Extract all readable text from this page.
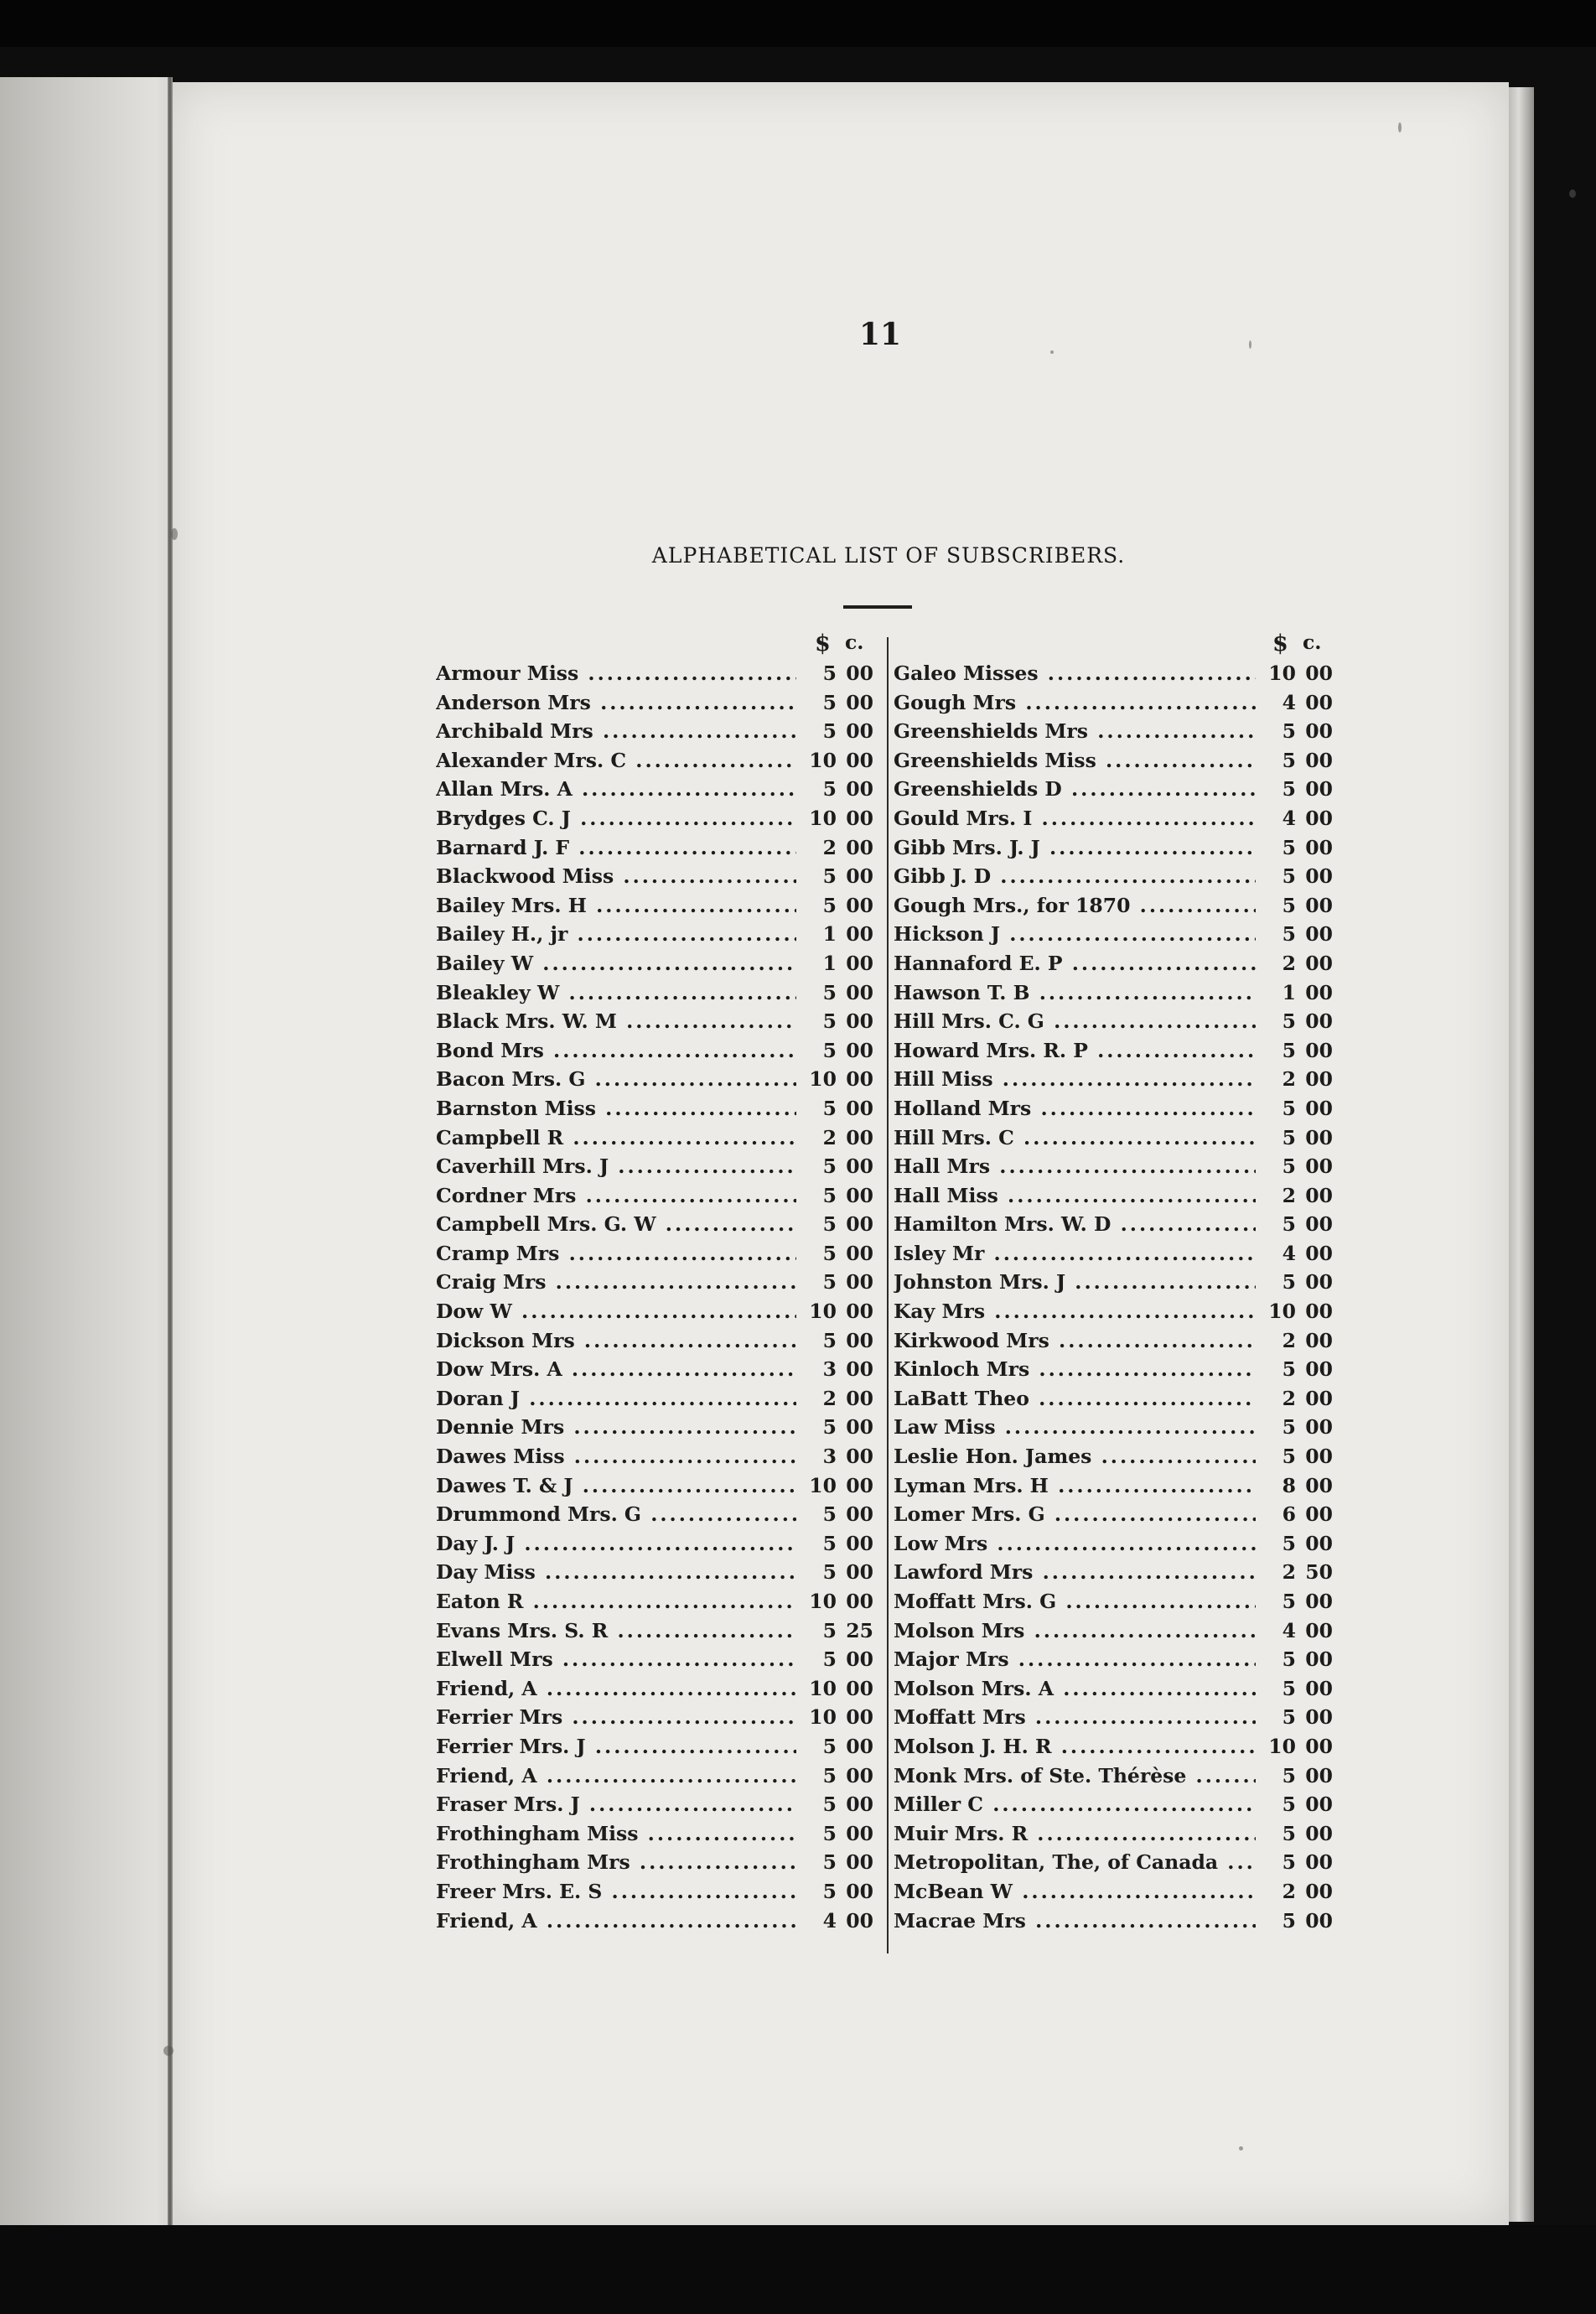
11
ALPHABETICAL LIST OF SUBSCRIBERS.
$ c.
Armour Miss .....	5 00
Anderson Mrs .....	5 00
Archibald Mrs .....	5 00
Alexander Mrs. C .....	10 00
Allan Mrs. A .....	5 00
Brydges C. J .....	10 00
Barnard J. F .....	2 00
Blackwood Miss .....	5 00
Bailey Mrs. H .....	5 00
Bailey H., jr .....	1 00
Bailey W .....	1 00
Bleakley W .....	5 00
Black Mrs. W. M .....	5 00
Bond Mrs .....	5 00
Bacon Mrs. G .....	10 00
Barnston Miss .....	5 00
Campbell R .....	2 00
Caverhill Mrs. J .....	5 00
Cordner Mrs .....	5 00
Campbell Mrs. G. W .....	5 00
Cramp Mrs .....	5 00
Craig Mrs .....	5 00
Dow W .....	10 00
Dickson Mrs .....	5 00
Dow Mrs. A .....	3 00
Doran J .....	2 00
Dennie Mrs .....	5 00
Dawes Miss .....	3 00
Dawes T. & J .....	10 00
Drummond Mrs. G .....	5 00
Day J. J .....	5 00
Day Miss .....	5 00
Eaton R .....	10 00
Evans Mrs. S. R .....	5 25
Elwell Mrs .....	5 00
Friend, A .....	10 00
Ferrier Mrs .....	10 00
Ferrier Mrs. J .....	5 00
Friend, A .....	5 00
Fraser Mrs. J .....	5 00
Frothingham Miss .....	5 00
Frothingham Mrs .....	5 00
Freer Mrs. E. S .....	5 00
Friend, A .....	4 00
$ c.
Galeo Misses .....	10 00
Gough Mrs .....	4 00
Greenshields Mrs .....	5 00
Greenshields Miss .....	5 00
Greenshields D .....	5 00
Gould Mrs. I .....	4 00
Gibb Mrs. J. J .....	5 00
Gibb J. D .....	5 00
Gough Mrs., for 1870 .....	5 00
Hickson J .....	5 00
Hannaford E. P .....	2 00
Hawson T. B .....	1 00
Hill Mrs. C. G .....	5 00
Howard Mrs. R. P .....	5 00
Hill Miss .....	2 00
Holland Mrs .....	5 00
Hill Mrs. C .....	5 00
Hall Mrs .....	5 00
Hall Miss .....	2 00
Hamilton Mrs. W. D .....	5 00
Isley Mr .....	4 00
Johnston Mrs. J .....	5 00
Kay Mrs .....	10 00
Kirkwood Mrs .....	2 00
Kinloch Mrs .....	5 00
LaBatt Theo .....	2 00
Law Miss .....	5 00
Leslie Hon. James .....	5 00
Lyman Mrs. H .....	8 00
Lomer Mrs. G .....	6 00
Low Mrs .....	5 00
Lawford Mrs .....	2 50
Moffatt Mrs. G .....	5 00
Molson Mrs .....	4 00
Major Mrs .....	5 00
Molson Mrs. A .....	5 00
Moffatt Mrs .....	5 00
Molson J. H. R .....	10 00
Monk Mrs. of Ste. Thérèse .....	5 00
Miller C .....	5 00
Muir Mrs. R .....	5 00
Metropolitan, The, of Canada .....	5 00
McBean W .....	2 00
Macrae Mrs .....	5 00
